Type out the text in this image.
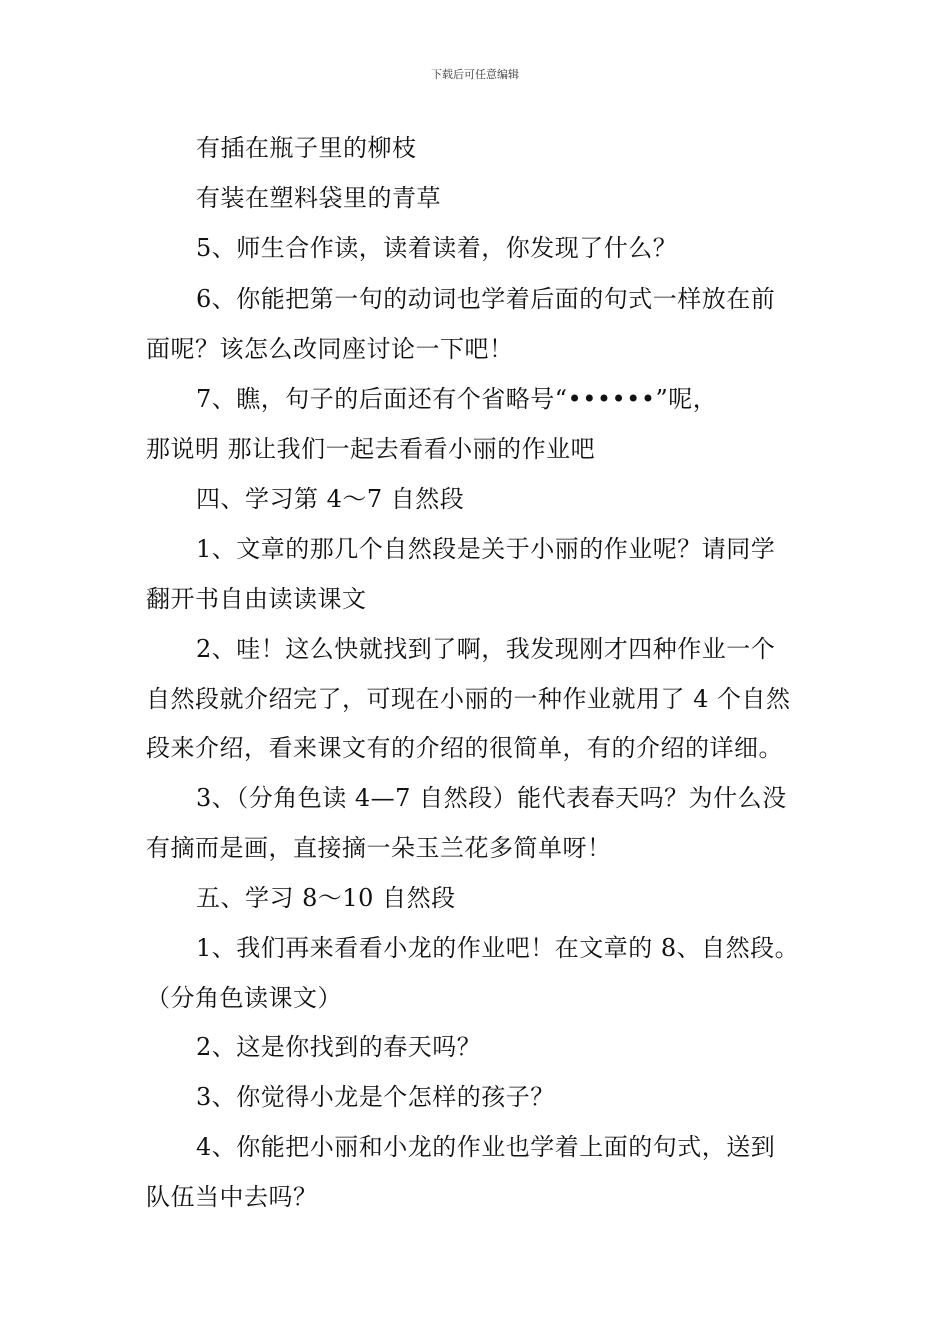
下载后可任意编辑
有插在瓶子里的柳枝
有装在塑料袋里的青草
5、师生合作读，读着读着，你发现了什么？
6、你能把第一句的动词也学着后面的句式一样放在前
面呢？该怎么改同座讨论一下吧！
7、瞧，句子的后面还有个省略号“••••••”呢，
那说明 那让我们一起去看看小丽的作业吧
四、学习第 4～7 自然段
1、文章的那几个自然段是关于小丽的作业呢？请同学
翻开书自由读读课文
2、哇！这么快就找到了啊，我发现刚才四种作业一个
自然段就介绍完了，可现在小丽的一种作业就用了 4 个自然
段来介绍，看来课文有的介绍的很简单，有的介绍的详细。
3、（分角色读 4—7 自然段）能代表春天吗？为什么没
有摘而是画，直接摘一朵玉兰花多简单呀！
五、学习 8～10 自然段
1、我们再来看看小龙的作业吧！在文章的 8、自然段。
（分角色读课文）
2、这是你找到的春天吗？
3、你觉得小龙是个怎样的孩子？
4、你能把小丽和小龙的作业也学着上面的句式，送到
队伍当中去吗？
